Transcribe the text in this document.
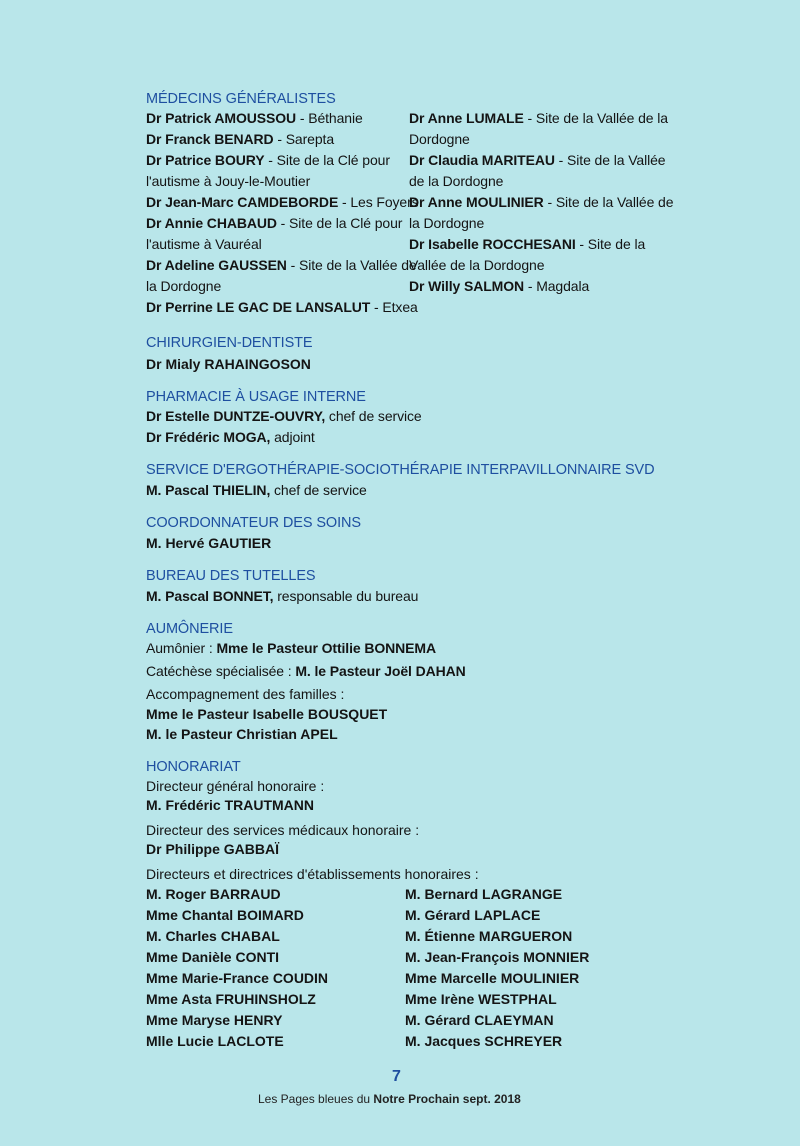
MÉDECINS GÉNÉRALISTES
Dr Patrick AMOUSSOU - Béthanie
Dr Franck BENARD - Sarepta
Dr Patrice BOURY - Site de la Clé pour
l'autisme à Jouy-le-Moutier
Dr Jean-Marc CAMDEBORDE - Les Foyers
Dr Annie CHABAUD - Site de la Clé pour
l'autisme à Vauréal
Dr Adeline GAUSSEN - Site de la Vallée de
la Dordogne
Dr Perrine LE GAC DE LANSALUT - Etxea
Dr Anne LUMALE - Site de la Vallée de la
Dordogne
Dr Claudia MARITEAU - Site de la Vallée
de la Dordogne
Dr Anne MOULINIER - Site de la Vallée de
la Dordogne
Dr Isabelle ROCCHESANI - Site de la
Vallée de la Dordogne
Dr Willy SALMON - Magdala
CHIRURGIEN-DENTISTE
Dr Mialy RAHAINGOSON
PHARMACIE À USAGE INTERNE
Dr Estelle DUNTZE-OUVRY, chef de service
Dr Frédéric MOGA, adjoint
SERVICE D'ERGOTHÉRAPIE-SOCIOTHÉRAPIE INTERPAVILLONNAIRE SVD
M. Pascal THIELIN, chef de service
COORDONNATEUR DES SOINS
M. Hervé GAUTIER
BUREAU DES TUTELLES
M. Pascal BONNET, responsable du bureau
AUMÔNERIE
Aumônier : Mme le Pasteur Ottilie BONNEMA
Catéchèse spécialisée : M. le Pasteur Joël DAHAN
Accompagnement des familles :
Mme le Pasteur Isabelle BOUSQUET
M. le Pasteur Christian APEL
HONORARIAT
Directeur général honoraire :
M. Frédéric TRAUTMANN
Directeur des services médicaux honoraire :
Dr Philippe GABBAÏ
Directeurs et directrices d'établissements honoraires :
M. Roger BARRAUD
Mme Chantal BOIMARD
M. Charles CHABAL
Mme Danièle CONTI
Mme Marie-France COUDIN
Mme Asta FRUHINSHOLZ
Mme Maryse HENRY
Mlle Lucie LACLOTE
M. Bernard LAGRANGE
M. Gérard LAPLACE
M. Étienne MARGUERON
M. Jean-François MONNIER
Mme Marcelle MOULINIER
Mme Irène WESTPHAL
M. Gérard CLAEYMAN
M. Jacques SCHREYER
7
Les Pages bleues du Notre Prochain sept. 2018
